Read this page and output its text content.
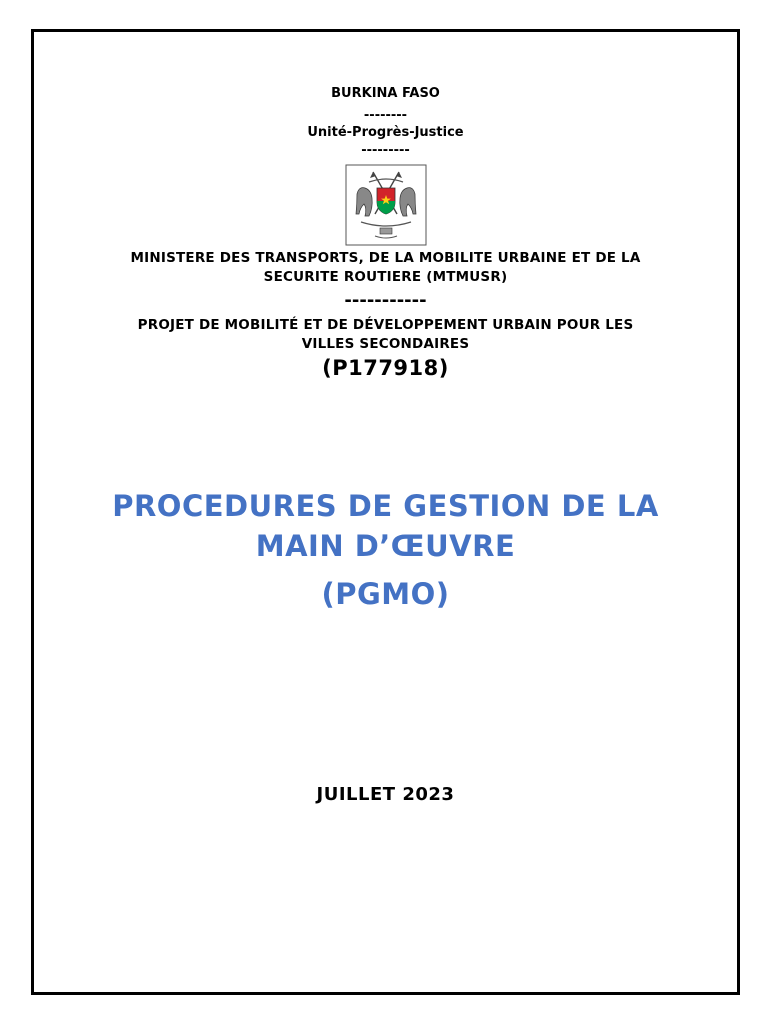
BURKINA FASO
--------
Unité-Progrès-Justice
---------
MINISTERE DES TRANSPORTS, DE LA MOBILITE URBAINE ET DE LA SECURITE ROUTIERE (MTMUSR)
-----------
PROJET DE MOBILITÉ ET DE DÉVELOPPEMENT URBAIN POUR LES VILLES SECONDAIRES
(P177918)
PROCEDURES DE GESTION DE LA MAIN D’ŒUVRE
(PGMO)
JUILLET 2023
